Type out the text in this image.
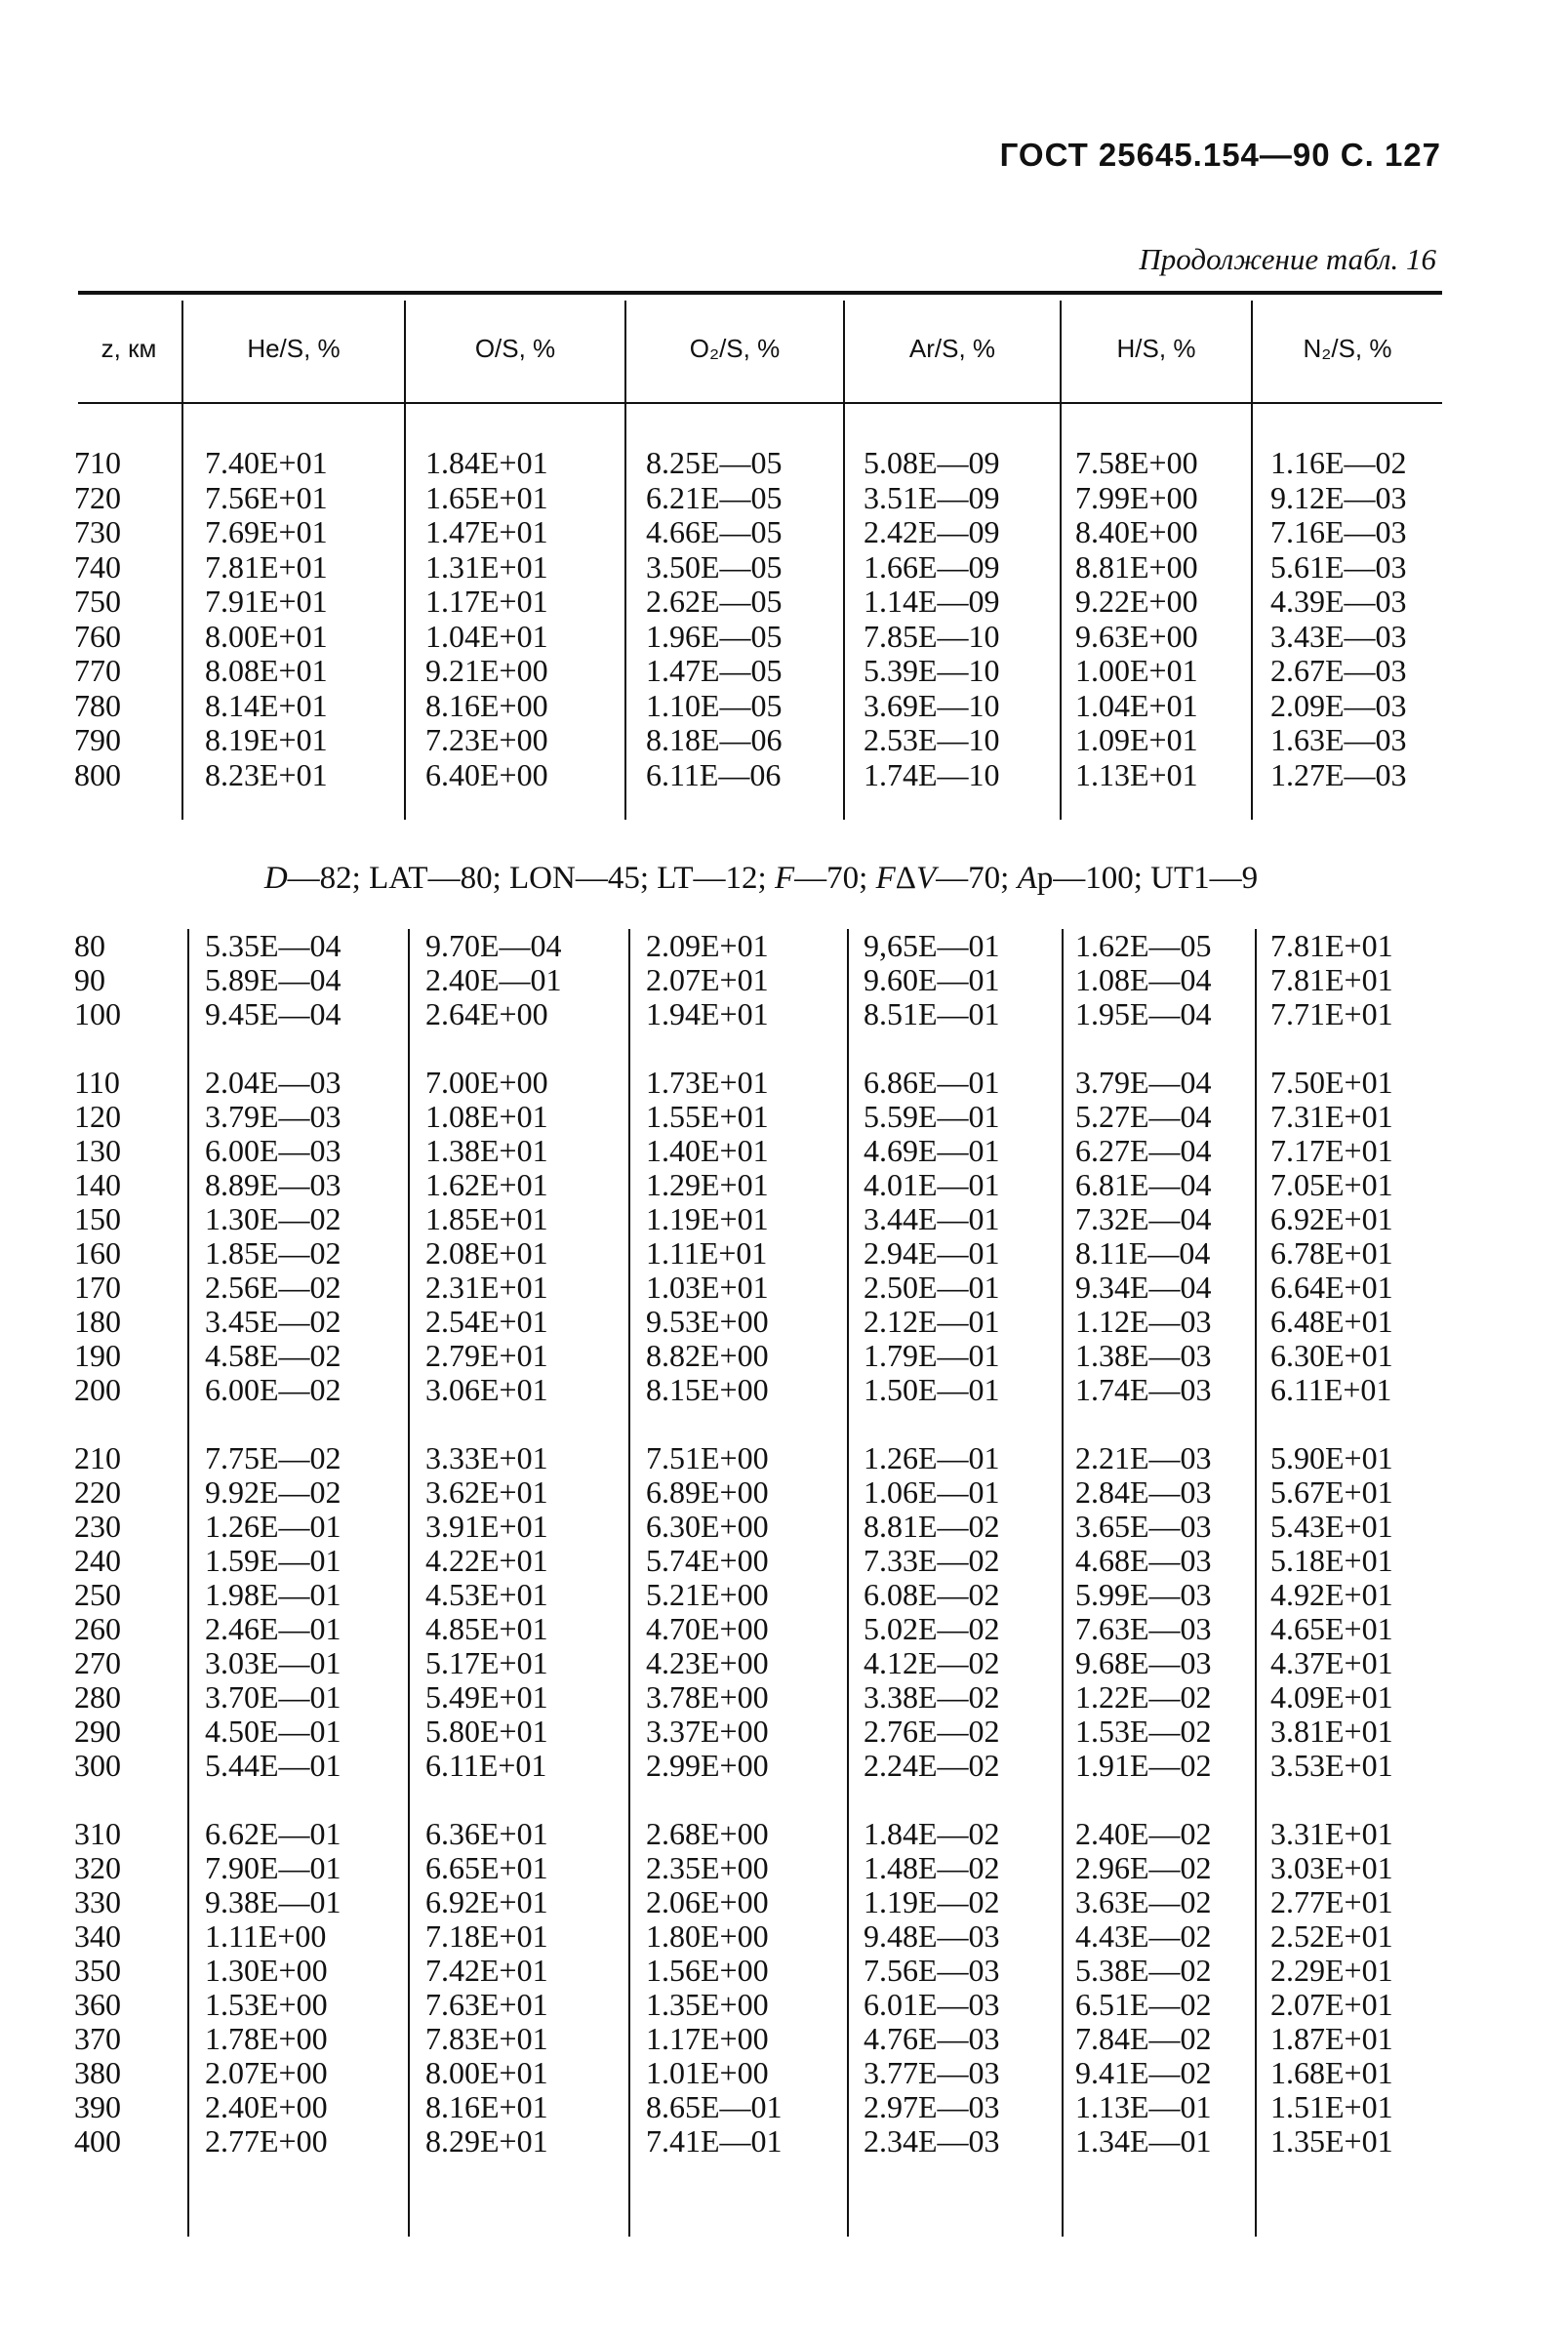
ГОСТ 25645.154—90 С. 127
Продолжение табл. 16
z, км	He/S, %	O/S, %	O₂/S, %	Ar/S, %	H/S, %	N₂/S, %
710	7.40E+01	1.84E+01	8.25E—05	5.08E—09 7.58E+00 1.16E—02
720	7.56E+01	1.65E+01	6.21E—05	3.51E—09 7.99E+00 9.12E—03
730	7.69E+01	1.47E+01	4.66E—05	2.42E—09 8.40E+00 7.16E—03
740	7.81E+01	1.31E+01	3.50E—05	1.66E—09 8.81E+00 5.61E—03
750	7.91E+01	1.17E+01	2.62E—05	1.14E—09 9.22E+00 4.39E—03
760	8.00E+01	1.04E+01	1.96E—05	7.85E—10 9.63E+00 3.43E—03
770	8.08E+01	9.21E+00	1.47E—05	5.39E—10 1.00E+01 2.67E—03
780	8.14E+01	8.16E+00	1.10E—05	3.69E—10 1.04E+01 2.09E—03
790	8.19E+01	7.23E+00	8.18E—06	2.53E—10 1.09E+01 1.63E—03
800	8.23E+01	6.40E+00	6.11E—06	1.74E—10 1.13E+01 1.27E—03
D—82; LAT—80; LON—45; LT—12; F—70; FΔV—70; Ap—100; UT1—9
80	5.35E—04	9.70E—04	2.09E+01	9,65E—01 1.62E—05 7.81E+01
90	5.89E—04	2.40E—01	2.07E+01	9.60E—01 1.08E—04 7.81E+01
100	9.45E—04	2.64E+00	1.94E+01	8.51E—01 1.95E—04 7.71E+01
110	2.04E—03	7.00E+00	1.73E+01	6.86E—01 3.79E—04 7.50E+01
120	3.79E—03	1.08E+01	1.55E+01	5.59E—01 5.27E—04 7.31E+01
130	6.00E—03	1.38E+01	1.40E+01	4.69E—01 6.27E—04 7.17E+01
140	8.89E—03	1.62E+01	1.29E+01	4.01E—01 6.81E—04 7.05E+01
150	1.30E—02	1.85E+01	1.19E+01	3.44E—01 7.32E—04 6.92E+01
160	1.85E—02	2.08E+01	1.11E+01	2.94E—01 8.11E—04 6.78E+01
170	2.56E—02	2.31E+01	1.03E+01	2.50E—01 9.34E—04 6.64E+01
180	3.45E—02	2.54E+01	9.53E+00	2.12E—01 1.12E—03 6.48E+01
190	4.58E—02	2.79E+01	8.82E+00	1.79E—01 1.38E—03 6.30E+01
200	6.00E—02	3.06E+01	8.15E+00	1.50E—01 1.74E—03 6.11E+01
210	7.75E—02	3.33E+01	7.51E+00	1.26E—01 2.21E—03 5.90E+01
220	9.92E—02	3.62E+01	6.89E+00	1.06E—01 2.84E—03 5.67E+01
230	1.26E—01	3.91E+01	6.30E+00	8.81E—02 3.65E—03 5.43E+01
240	1.59E—01	4.22E+01	5.74E+00	7.33E—02 4.68E—03 5.18E+01
250	1.98E—01	4.53E+01	5.21E+00	6.08E—02 5.99E—03 4.92E+01
260	2.46E—01	4.85E+01	4.70E+00	5.02E—02 7.63E—03 4.65E+01
270	3.03E—01	5.17E+01	4.23E+00	4.12E—02 9.68E—03 4.37E+01
280	3.70E—01	5.49E+01	3.78E+00	3.38E—02 1.22E—02 4.09E+01
290	4.50E—01	5.80E+01	3.37E+00	2.76E—02 1.53E—02 3.81E+01
300	5.44E—01	6.11E+01	2.99E+00	2.24E—02 1.91E—02 3.53E+01
310	6.62E—01	6.36E+01	2.68E+00	1.84E—02 2.40E—02 3.31E+01
320	7.90E—01	6.65E+01	2.35E+00	1.48E—02 2.96E—02 3.03E+01
330	9.38E—01	6.92E+01	2.06E+00	1.19E—02 3.63E—02 2.77E+01
340	1.11E+00	7.18E+01	1.80E+00	9.48E—03 4.43E—02 2.52E+01
350	1.30E+00	7.42E+01	1.56E+00	7.56E—03 5.38E—02 2.29E+01
360	1.53E+00	7.63E+01	1.35E+00	6.01E—03 6.51E—02 2.07E+01
370	1.78E+00	7.83E+01	1.17E+00	4.76E—03 7.84E—02 1.87E+01
380	2.07E+00	8.00E+01	1.01E+00	3.77E—03 9.41E—02 1.68E+01
390	2.40E+00	8.16E+01	8.65E—01	2.97E—03 1.13E—01 1.51E+01
400	2.77E+00	8.29E+01	7.41E—01	2.34E—03 1.34E—01 1.35E+01
